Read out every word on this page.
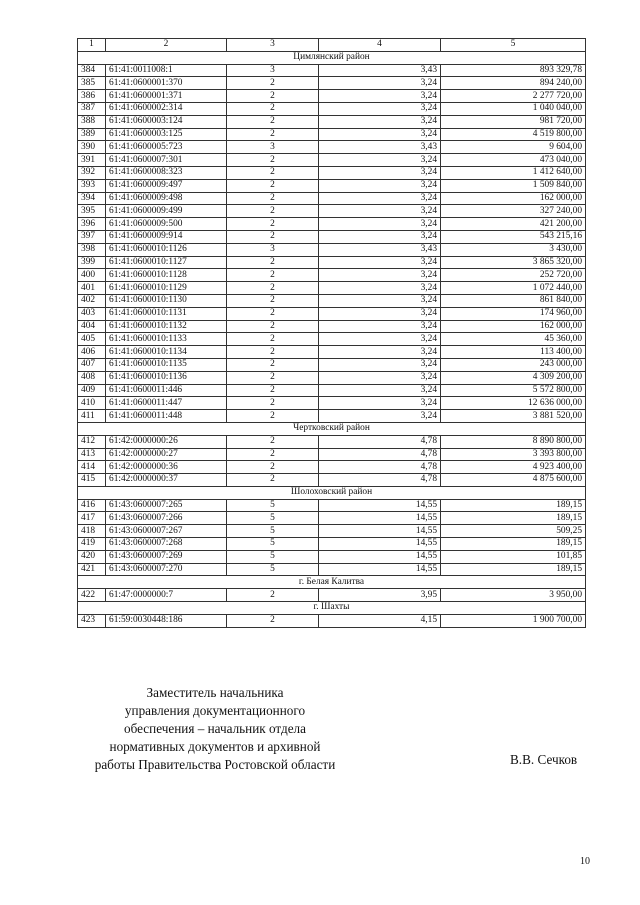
1	2	3	4	5
Цимлянский район				
384	61:41:0011008:1	3	3,43	893 329,78
385	61:41:0600001:370	2	3,24	894 240,00
386	61:41:0600001:371	2	3,24	2 277 720,00
387	61:41:0600002:314	2	3,24	1 040 040,00
388	61:41:0600003:124	2	3,24	981 720,00
389	61:41:0600003:125	2	3,24	4 519 800,00
390	61:41:0600005:723	3	3,43	9 604,00
391	61:41:0600007:301	2	3,24	473 040,00
392	61:41:0600008:323	2	3,24	1 412 640,00
393	61:41:0600009:497	2	3,24	1 509 840,00
394	61:41:0600009:498	2	3,24	162 000,00
395	61:41:0600009:499	2	3,24	327 240,00
396	61:41:0600009:500	2	3,24	421 200,00
397	61:41:0600009:914	2	3,24	543 215,16
398	61:41:0600010:1126	3	3,43	3 430,00
399	61:41:0600010:1127	2	3,24	3 865 320,00
400	61:41:0600010:1128	2	3,24	252 720,00
401	61:41:0600010:1129	2	3,24	1 072 440,00
402	61:41:0600010:1130	2	3,24	861 840,00
403	61:41:0600010:1131	2	3,24	174 960,00
404	61:41:0600010:1132	2	3,24	162 000,00
405	61:41:0600010:1133	2	3,24	45 360,00
406	61:41:0600010:1134	2	3,24	113 400,00
407	61:41:0600010:1135	2	3,24	243 000,00
408	61:41:0600010:1136	2	3,24	4 309 200,00
409	61:41:0600011:446	2	3,24	5 572 800,00
410	61:41:0600011:447	2	3,24	12 636 000,00
411	61:41:0600011:448	2	3,24	3 881 520,00
Чертковский район				
412	61:42:0000000:26	2	4,78	8 890 800,00
413	61:42:0000000:27	2	4,78	3 393 800,00
414	61:42:0000000:36	2	4,78	4 923 400,00
415	61:42:0000000:37	2	4,78	4 875 600,00
Шолоховский район				
416	61:43:0600007:265	5	14,55	189,15
417	61:43:0600007:266	5	14,55	189,15
418	61:43:0600007:267	5	14,55	509,25
419	61:43:0600007:268	5	14,55	189,15
420	61:43:0600007:269	5	14,55	101,85
421	61:43:0600007:270	5	14,55	189,15
г. Белая Калитва				
422	61:47:0000000:7	2	3,95	3 950,00
г. Шахты				
423	61:59:0030448:186	2	4,15	1 900 700,00
Заместитель начальника
управления документационного
обеспечения – начальник отдела
нормативных документов и архивной
работы Правительства Ростовской области	В.В. Сечков
10
